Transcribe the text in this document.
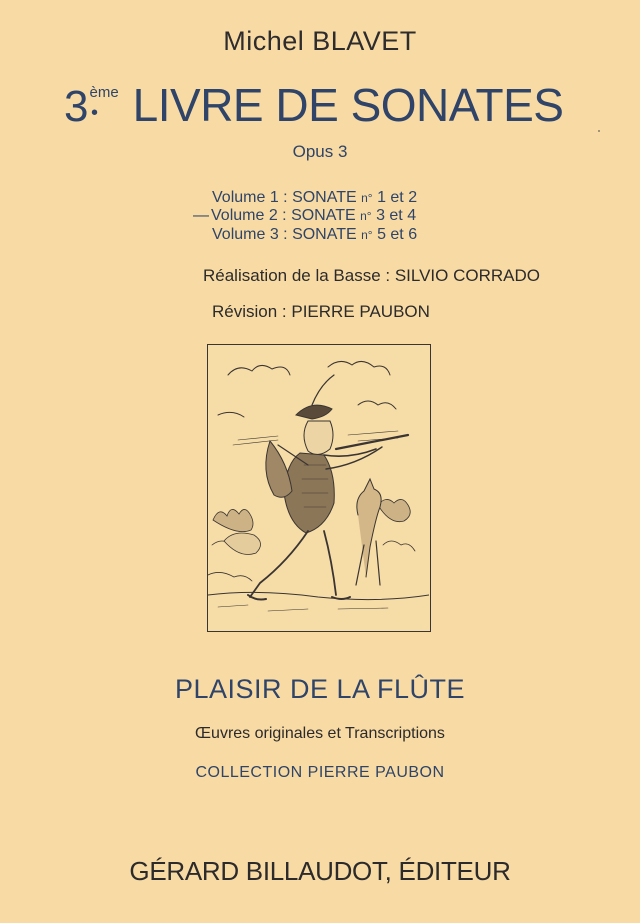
Michel BLAVET
3ème
• LIVRE DE SONATES
Opus 3
—
Volume 1 : SONATE n° 1 et 2
Volume 2 : SONATE n° 3 et 4
Volume 3 : SONATE n° 5 et 6
Réalisation de la Basse : SILVIO CORRADO
Révision : PIERRE PAUBON
PLAISIR DE LA FLÛTE
Œuvres originales et Transcriptions
COLLECTION PIERRE PAUBON
GÉRARD BILLAUDOT, ÉDITEUR
